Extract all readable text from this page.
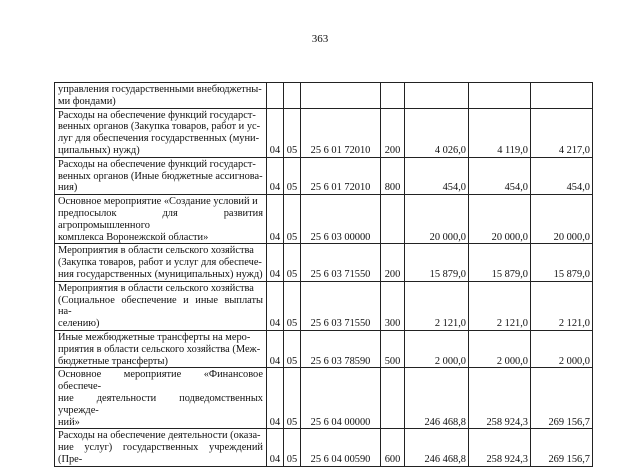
363
управления государственными внебюджетны-
ми фондами)							
Расходы на обеспечение функций государст-
венных органов (Закупка товаров, работ и ус-
луг для обеспечения государственных (муни-
ципальных) нужд)	04	05	25 6 01 72010	200	4 026,0	4 119,0	4 217,0
Расходы на обеспечение функций государст-
венных органов (Иные бюджетные ассигнова-
ния)	04	05	25 6 01 72010	800	454,0	454,0	454,0
Основное мероприятие «Создание условий и
предпосылок для развития агропромышленного
комплекса Воронежской области»	04	05	25 6 03 00000		20 000,0	20 000,0	20 000,0
Мероприятия в области сельского хозяйства
(Закупка товаров, работ и услуг для обеспече-
ния государственных (муниципальных) нужд)	04	05	25 6 03 71550	200	15 879,0	15 879,0	15 879,0
Мероприятия в области сельского хозяйства
(Социальное обеспечение и иные выплаты на-
селению)	04	05	25 6 03 71550	300	2 121,0	2 121,0	2 121,0
Иные межбюджетные трансферты на меро-
приятия в области сельского хозяйства (Меж-
бюджетные трансферты)	04	05	25 6 03 78590	500	2 000,0	2 000,0	2 000,0
Основное мероприятие «Финансовое обеспече-
ние деятельности подведомственных учрежде-
ний»	04	05	25 6 04 00000		246 468,8	258 924,3	269 156,7
Расходы на обеспечение деятельности (оказа-
ние услуг) государственных учреждений (Пре-	04	05	25 6 04 00590	600	246 468,8	258 924,3	269 156,7
